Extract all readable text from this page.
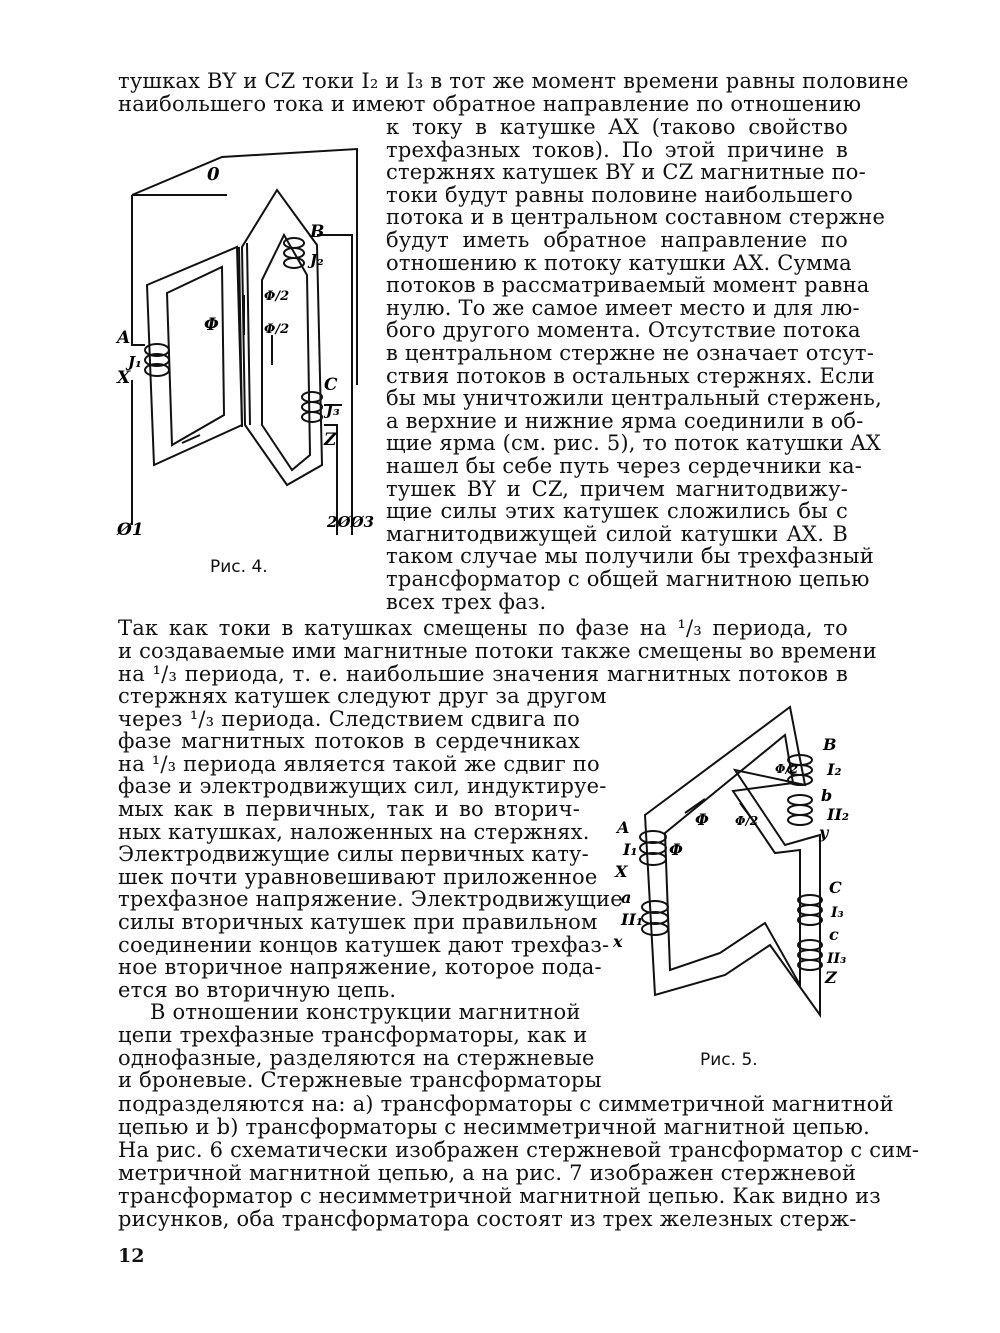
тушках BY и CZ токи I₂ и I₃ в тот же момент времени равны половине
наибольшего тока и имеют обратное направление по отношению
0
B
J₂
Φ
Φ/2
Φ/2
A
J₁
X	C
J₃
Z
Ø1	2ØØ3
Рис. 4.
к току в катушке AX (таково свойство
трехфазных токов). По этой причине в
стержнях катушек BY и CZ магнитные по-
токи будут равны половине наибольшего
потока и в центральном составном стержне
будут иметь обратное направление по
отношению к потоку катушки AX. Сумма
потоков в рассматриваемый момент равна
нулю. То же самое имеет место и для лю-
бого другого момента. Отсутствие потока
в центральном стержне не означает отсут-
ствия потоков в остальных стержнях. Если
бы мы уничтожили центральный стержень,
а верхние и нижние ярма соединили в об-
щие ярма (см. рис. 5), то поток катушки AX
нашел бы себе путь через сердечники ка-
тушек BY и CZ, причем магнитодвижу-
щие силы этих катушек сложились бы с
магнитодвижущей силой катушки AX. В
таком случае мы получили бы трехфазный
трансформатор с общей магнитною цепью
всех трех фаз.
Так как токи в катушках смещены по фазе на ¹/₃ периода, то
и создаваемые ими магнитные потоки также смещены во времени
на ¹/₃ периода, т. е. наибольшие значения магнитных потоков в
стержнях катушек следуют друг за другом
через ¹/₃ периода. Следствием сдвига по
фазе магнитных потоков в сердечниках
на ¹/₃ периода является такой же сдвиг по
фазе и электродвижущих сил, индуктируе-
мых как в первичных, так и во вторич-
ных катушках, наложенных на стержнях.
Электродвижущие силы первичных кату-
шек почти уравновешивают приложенное
трехфазное напряжение. Электродвижущие
силы вторичных катушек при правильном
соединении концов катушек дают трехфаз-
ное вторичное напряжение, которое пода-
ется во вторичную цепь.
В отношении конструкции магнитной
цепи трехфазные трансформаторы, как и
однофазные, разделяются на стержневые
и броневые. Стержневые трансформаторы
B
I₂
b
II₂
y
Φ/2
Φ Φ/2
A
I₁ Φ
X
a
II₁
x
C
I₃
c
II₃
Z
Рис. 5.
подразделяются на: a) трансформаторы с симметричной магнитной
цепью и b) трансформаторы с несимметричной магнитной цепью.
На рис. 6 схематически изображен стержневой трансформатор с сим-
метричной магнитной цепью, а на рис. 7 изображен стержневой
трансформатор с несимметричной магнитной цепью. Как видно из
рисунков, оба трансформатора состоят из трех железных стерж-
12
